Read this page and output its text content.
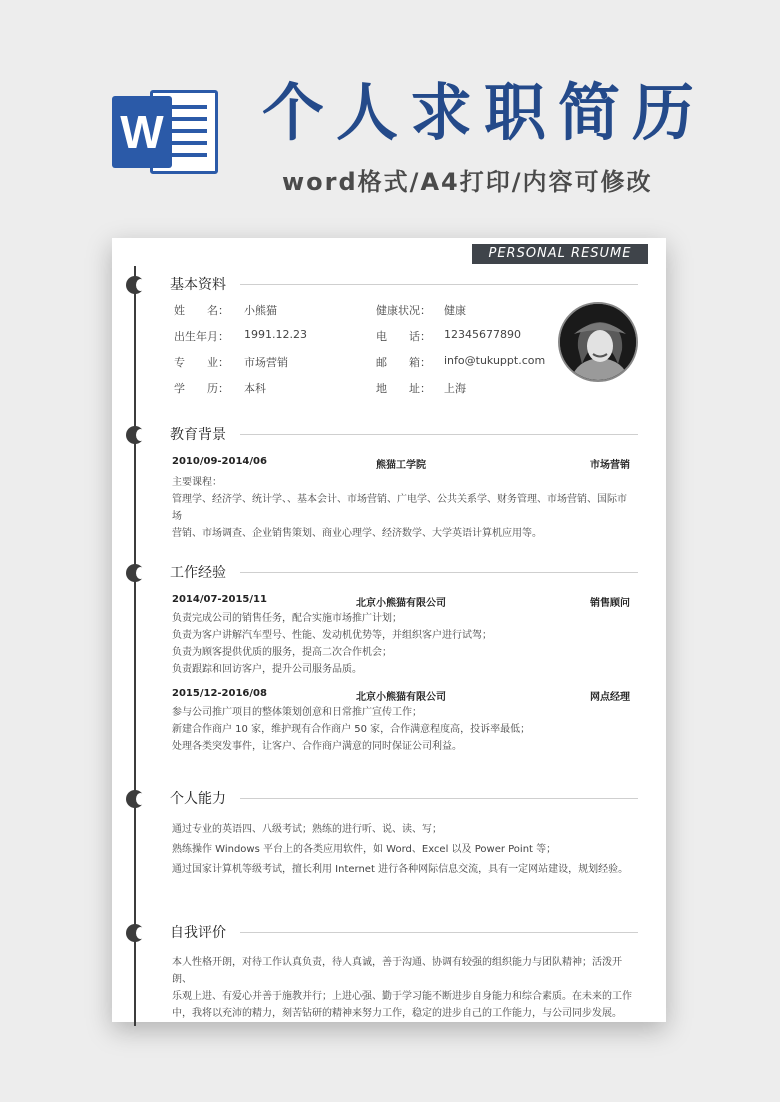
W 个人求职简历
word格式/A4打印/内容可修改
PERSONAL RESUME
基本资料
姓　　名： 小熊猫
出生年月： 1991.12.23
专　　业： 市场营销
学　　历： 本科
健康状况： 健康
电　　话： 12345677890
邮　　箱： info@tukuppt.com
地　　址： 上海
教育背景
2010/09-2014/06	熊猫工学院	市场营销

主要课程：

管理学、经济学、统计学、、基本会计、市场营销、广电学、公共关系学、财务管理、市场营销、国际市场

营销、市场调查、企业销售策划、商业心理学、经济数学、大学英语计算机应用等。

工作经验
2014/07-2015/11	北京小熊猫有限公司	销售顾问

负责完成公司的销售任务，配合实施市场推广计划；

负责为客户讲解汽车型号、性能、发动机优势等，并组织客户进行试驾；

负责为顾客提供优质的服务，提高二次合作机会；

负责跟踪和回访客户，提升公司服务品质。

2015/12-2016/08	北京小熊猫有限公司	网点经理

参与公司推广项目的整体策划创意和日常推广宣传工作；

新建合作商户 10 家，维护现有合作商户 50 家，合作满意程度高，投诉率最低；

处理各类突发事件，让客户、合作商户满意的同时保证公司利益。

个人能力

通过专业的英语四、八级考试；熟练的进行听、说、读、写；

熟练操作 Windows 平台上的各类应用软件，如 Word、Excel 以及 Power Point 等；

通过国家计算机等级考试，擅长利用 Internet 进行各种网际信息交流，具有一定网站建设，规划经验。

自我评价

本人性格开朗，对待工作认真负责，待人真诚，善于沟通、协调有较强的组织能力与团队精神；活泼开朗、

乐观上进、有爱心并善于施教并行；上进心强、勤于学习能不断进步自身能力和综合素质。在未来的工作

中，我将以充沛的精力，刻苦钻研的精神来努力工作，稳定的进步自己的工作能力，与公司同步发展。
